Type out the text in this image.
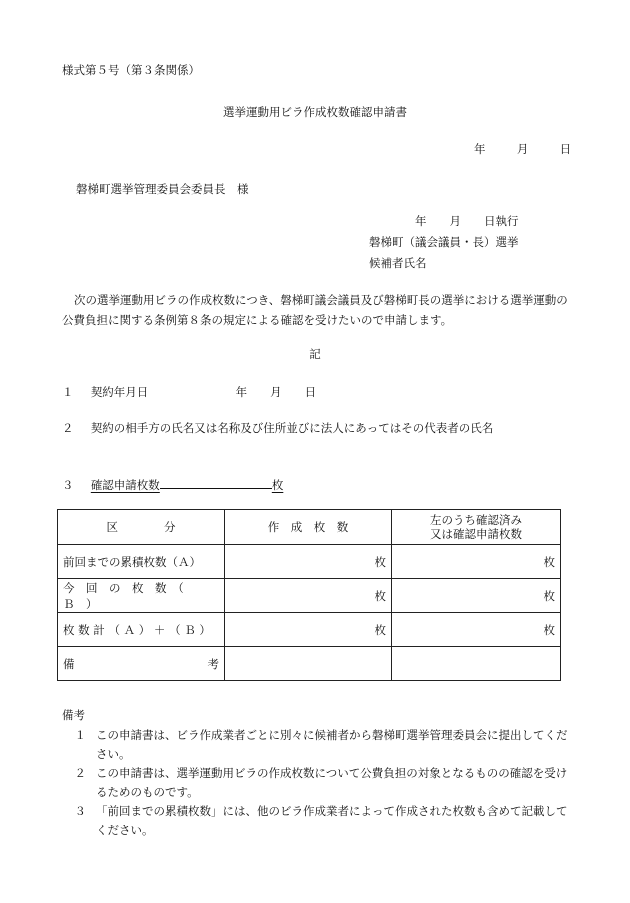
様式第５号（第３条関係）
選挙運動用ビラ作成枚数確認申請書
年	月	日
磐梯町選挙管理委員会委員長　様
年　　月　　日執行
磐梯町（議会議員・長）選挙
候補者氏名
次の選挙運動用ビラの作成枚数につき、磐梯町議会議員及び磐梯町長の選挙における選挙運動の公費負担に関する条例第８条の規定による確認を受けたいので申請します。
記
１ 契約年月日	年　　月　　日
２ 契約の相手方の氏名又は名称及び住所並びに法人にあってはその代表者の氏名
３ 確認申請枚数	枚
区　　　　分	作　成　枚　数	左のうち確認済み
又は確認申請枚数

前回までの累積枚数（Ａ）	枚	枚
今　回　の　枚　数　（　Ｂ　）	枚	枚
枚 数 計 （ Ａ ） ＋ （ Ｂ ）	枚	枚

備 考		

備考
１ この申請書は、ビラ作成業者ごとに別々に候補者から磐梯町選挙管理委員会に提出してください。
２ この申請書は、選挙運動用ビラの作成枚数について公費負担の対象となるものの確認を受けるためのものです。
３ 「前回までの累積枚数」には、他のビラ作成業者によって作成された枚数も含めて記載してください。
